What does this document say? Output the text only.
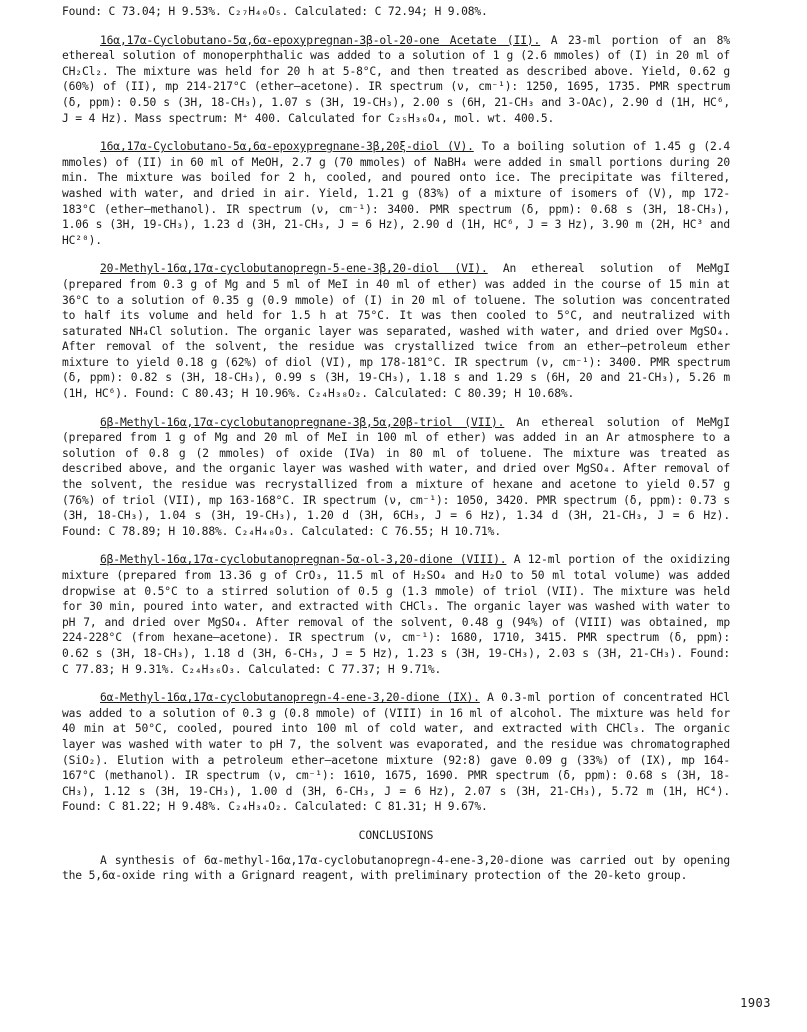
Found: C 73.04; H 9.53%. C₂₇H₄₀O₅. Calculated: C 72.94; H 9.08%.

16α,17α-Cyclobutano-5α,6α-epoxypregnan-3β-ol-20-one Acetate (II). A 23-ml portion of an 8% ethereal solution of monoperphthalic was added to a solution of 1 g (2.6 mmoles) of (I) in 20 ml of CH₂Cl₂. The mixture was held for 20 h at 5-8°C, and then treated as described above. Yield, 0.62 g (60%) of (II), mp 214-217°C (ether–acetone). IR spectrum (ν, cm⁻¹): 1250, 1695, 1735. PMR spectrum (δ, ppm): 0.50 s (3H, 18-CH₃), 1.07 s (3H, 19-CH₃), 2.00 s (6H, 21-CH₃ and 3-OAc), 2.90 d (1H, HC⁶, J = 4 Hz). Mass spectrum: M⁺ 400. Calculated for C₂₅H₃₆O₄, mol. wt. 400.5.

16α,17α-Cyclobutano-5α,6α-epoxypregnane-3β,20ξ-diol (V). To a boiling solution of 1.45 g (2.4 mmoles) of (II) in 60 ml of MeOH, 2.7 g (70 mmoles) of NaBH₄ were added in small portions during 20 min. The mixture was boiled for 2 h, cooled, and poured onto ice. The precipitate was filtered, washed with water, and dried in air. Yield, 1.21 g (83%) of a mixture of isomers of (V), mp 172-183°C (ether–methanol). IR spectrum (ν, cm⁻¹): 3400. PMR spectrum (δ, ppm): 0.68 s (3H, 18-CH₃), 1.06 s (3H, 19-CH₃), 1.23 d (3H, 21-CH₃, J = 6 Hz), 2.90 d (1H, HC⁶, J = 3 Hz), 3.90 m (2H, HC³ and HC²⁰).

20-Methyl-16α,17α-cyclobutanopregn-5-ene-3β,20-diol (VI). An ethereal solution of MeMgI (prepared from 0.3 g of Mg and 5 ml of MeI in 40 ml of ether) was added in the course of 15 min at 36°C to a solution of 0.35 g (0.9 mmole) of (I) in 20 ml of toluene. The solution was concentrated to half its volume and held for 1.5 h at 75°C. It was then cooled to 5°C, and neutralized with saturated NH₄Cl solution. The organic layer was separated, washed with water, and dried over MgSO₄. After removal of the solvent, the residue was crystallized twice from an ether–petroleum ether mixture to yield 0.18 g (62%) of diol (VI), mp 178-181°C. IR spectrum (ν, cm⁻¹): 3400. PMR spectrum (δ, ppm): 0.82 s (3H, 18-CH₃), 0.99 s (3H, 19-CH₃), 1.18 s and 1.29 s (6H, 20 and 21-CH₃), 5.26 m (1H, HC⁶). Found: C 80.43; H 10.96%. C₂₄H₃₈O₂. Calculated: C 80.39; H 10.68%.

6β-Methyl-16α,17α-cyclobutanopregnane-3β,5α,20β-triol (VII). An ethereal solution of MeMgI (prepared from 1 g of Mg and 20 ml of MeI in 100 ml of ether) was added in an Ar atmosphere to a solution of 0.8 g (2 mmoles) of oxide (IVa) in 80 ml of toluene. The mixture was treated as described above, and the organic layer was washed with water, and dried over MgSO₄. After removal of the solvent, the residue was recrystallized from a mixture of hexane and acetone to yield 0.57 g (76%) of triol (VII), mp 163-168°C. IR spectrum (ν, cm⁻¹): 1050, 3420. PMR spectrum (δ, ppm): 0.73 s (3H, 18-CH₃), 1.04 s (3H, 19-CH₃), 1.20 d (3H, 6CH₃, J = 6 Hz), 1.34 d (3H, 21-CH₃, J = 6 Hz). Found: C 78.89; H 10.88%. C₂₄H₄₀O₃. Calculated: C 76.55; H 10.71%.

6β-Methyl-16α,17α-cyclobutanopregnan-5α-ol-3,20-dione (VIII). A 12-ml portion of the oxidizing mixture (prepared from 13.36 g of CrO₃, 11.5 ml of H₂SO₄ and H₂O to 50 ml total volume) was added dropwise at 0.5°C to a stirred solution of 0.5 g (1.3 mmole) of triol (VII). The mixture was held for 30 min, poured into water, and extracted with CHCl₃. The organic layer was washed with water to pH 7, and dried over MgSO₄. After removal of the solvent, 0.48 g (94%) of (VIII) was obtained, mp 224-228°C (from hexane–acetone). IR spectrum (ν, cm⁻¹): 1680, 1710, 3415. PMR spectrum (δ, ppm): 0.62 s (3H, 18-CH₃), 1.18 d (3H, 6-CH₃, J = 5 Hz), 1.23 s (3H, 19-CH₃), 2.03 s (3H, 21-CH₃). Found: C 77.83; H 9.31%. C₂₄H₃₆O₃. Calculated: C 77.37; H 9.71%.

6α-Methyl-16α,17α-cyclobutanopregn-4-ene-3,20-dione (IX). A 0.3-ml portion of concentrated HCl was added to a solution of 0.3 g (0.8 mmole) of (VIII) in 16 ml of alcohol. The mixture was held for 40 min at 50°C, cooled, poured into 100 ml of cold water, and extracted with CHCl₃. The organic layer was washed with water to pH 7, the solvent was evaporated, and the residue was chromatographed (SiO₂). Elution with a petroleum ether–acetone mixture (92:8) gave 0.09 g (33%) of (IX), mp 164-167°C (methanol). IR spectrum (ν, cm⁻¹): 1610, 1675, 1690. PMR spectrum (δ, ppm): 0.68 s (3H, 18-CH₃), 1.12 s (3H, 19-CH₃), 1.00 d (3H, 6-CH₃, J = 6 Hz), 2.07 s (3H, 21-CH₃), 5.72 m (1H, HC⁴). Found: C 81.22; H 9.48%. C₂₄H₃₄O₂. Calculated: C 81.31; H 9.67%.

CONCLUSIONS

A synthesis of 6α-methyl-16α,17α-cyclobutanopregn-4-ene-3,20-dione was carried out by opening the 5,6α-oxide ring with a Grignard reagent, with preliminary protection of the 20-keto group.

1903
